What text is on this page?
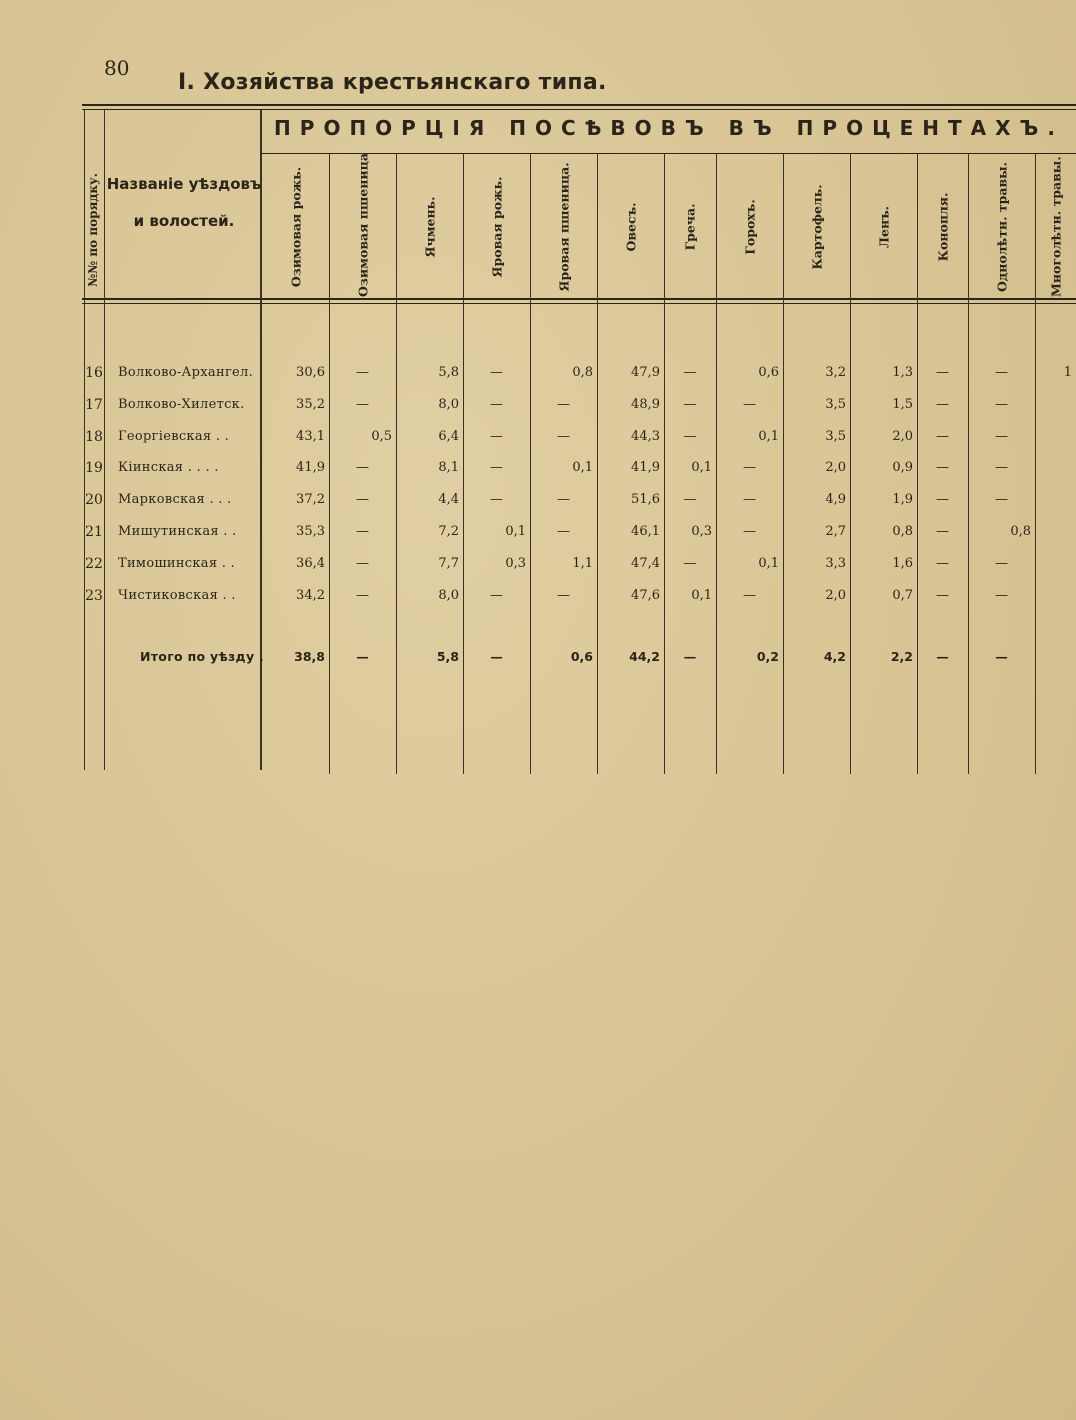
80
I. Хозяйства крестьянскаго типа.
ПРОПОРЦІЯ ПОСѢВОВЪ ВЪ ПРОЦЕНТАХЪ.
№№ по порядку. Названіе уѣздовъ
и волостей.	Озимовая рожь.	Озимовая пшеница	Ячмень.	Яровая рожь.	Яровая пшеница.	Овесъ.	Греча.	Горохъ.	Картофель.	Ленъ.	Конопля.	Однолѣтн. травы.	Многолѣтн. травы.
16 Волково-Архангел.	30,6	—	5,8	—	0,8	47,9	—	0,6	3,2	1,3	—	—	1
17 Волково-Хилетск.	35,2	—	8,0	—	—	48,9	—	—	3,5	1,5	—	—
18 Георгіевская . .	43,1	0,5	6,4	—	—	44,3	—	0,1	3,5	2,0	—	—
19 Кіинская . . . .	41,9	—	8,1	—	0,1	41,9	0,1	—	2,0	0,9	—	—
20 Марковская . . .	37,2	—	4,4	—	—	51,6	—	—	4,9	1,9	—	—
21 Мишутинская . .	35,3	—	7,2	0,1	—	46,1	0,3	—	2,7	0,8	—	0,8
22 Тимошинская . .	36,4	—	7,7	0,3	1,1	47,4	—	0,1	3,3	1,6	—	—
23 Чистиковская . .	34,2	—	8,0	—	—	47,6	0,1	—	2,0	0,7	—	—
Итого по уѣзду .	38,8	—	5,8	—	0,6	44,2	—	0,2	4,2	2,2	—	—
